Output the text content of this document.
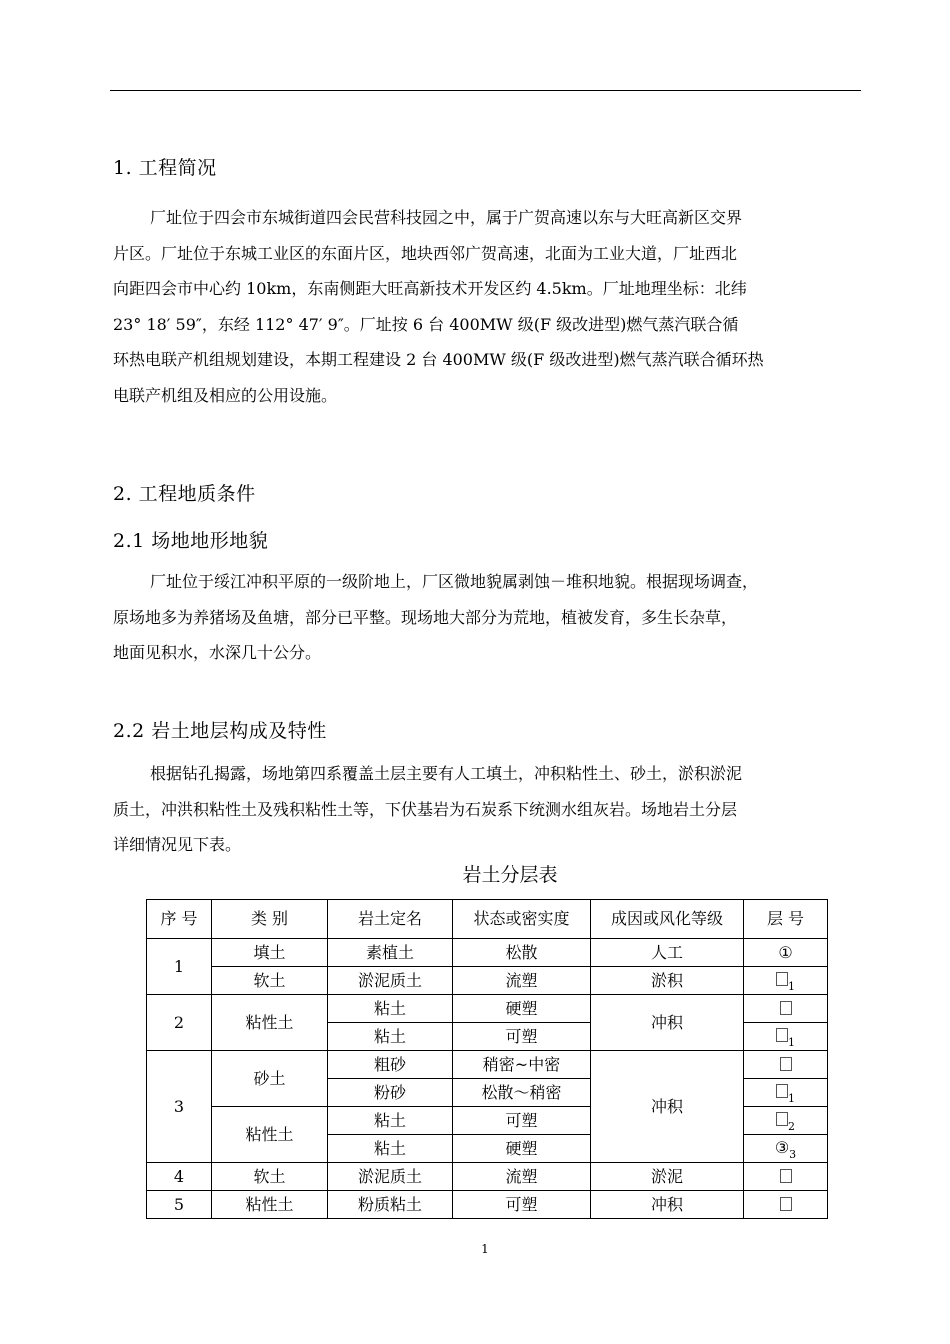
1. 工程简况
厂址位于四会市东城街道四会民营科技园之中，属于广贺高速以东与大旺高新区交界
片区。厂址位于东城工业区的东面片区，地块西邻广贺高速，北面为工业大道，厂址西北
向距四会市中心约 10km，东南侧距大旺高新技术开发区约 4.5km。厂址地理坐标：北纬
23° 18′ 59″，东经 112° 47′ 9″。厂址按 6 台 400MW 级(F 级改进型)燃气蒸汽联合循
环热电联产机组规划建设，本期工程建设 2 台 400MW 级(F 级改进型)燃气蒸汽联合循环热
电联产机组及相应的公用设施。
2. 工程地质条件
2.1 场地地形地貌
厂址位于绥江冲积平原的一级阶地上，厂区微地貌属剥蚀－堆积地貌。根据现场调查，
原场地多为养猪场及鱼塘，部分已平整。现场地大部分为荒地，植被发育，多生长杂草，
地面见积水，水深几十公分。
2.2 岩土地层构成及特性
根据钻孔揭露，场地第四系覆盖土层主要有人工填土，冲积粘性土、砂土，淤积淤泥
质土，冲洪积粘性土及残积粘性土等，下伏基岩为石炭系下统测水组灰岩。场地岩土分层
详细情况见下表。
岩土分层表
序 号	类 别	岩土定名	状态或密实度	成因或风化等级	层 号
1	填土	素植土	松散	人工	①
	软土	淤泥质土	流塑	淤积	$_1$
2	粘性土	粘土	硬塑	冲积	
		粘土	可塑		$_1$
3	砂土	粗砂	稍密~中密	冲积	
		粉砂	松散～稍密		$_1$
	粘性土	粘土	可塑		$_2$
		粘土	硬塑		$③_3$
4	软土	淤泥质土	流塑	淤泥	
5	粘性土	粉质粘土	可塑	冲积	
1
